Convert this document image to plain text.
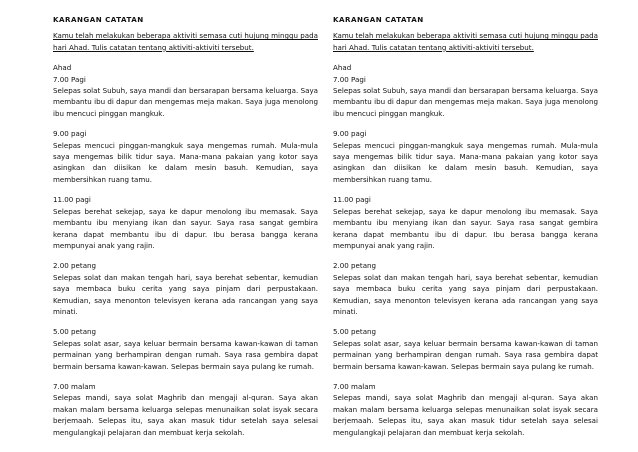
KARANGAN CATATAN
Kamu telah melakukan beberapa aktiviti semasa cuti hujung minggu pada hari Ahad. Tulis catatan tentang aktiviti-aktiviti tersebut.
Ahad
7.00 Pagi
Selepas solat Subuh, saya mandi dan bersarapan bersama keluarga. Saya membantu ibu di dapur dan mengemas meja makan. Saya juga menolong ibu mencuci pinggan mangkuk.
9.00 pagi
Selepas mencuci pinggan-mangkuk saya mengemas rumah. Mula-mula saya mengemas bilik tidur saya. Mana-mana pakaian yang kotor saya asingkan dan diisikan ke dalam mesin basuh. Kemudian, saya membersihkan ruang tamu.
11.00 pagi
Selepas berehat sekejap, saya ke dapur menolong ibu memasak. Saya membantu ibu menyiang ikan dan sayur. Saya rasa sangat gembira kerana dapat membantu ibu di dapur. Ibu berasa bangga kerana mempunyai anak yang rajin.
2.00 petang
Selepas solat dan makan tengah hari, saya berehat sebentar, kemudian saya membaca buku cerita yang saya pinjam dari perpustakaan. Kemudian, saya menonton televisyen kerana ada rancangan yang saya minati.
5.00 petang
Selepas solat asar, saya keluar bermain bersama kawan-kawan di taman permainan yang berhampiran dengan rumah. Saya rasa gembira dapat bermain bersama kawan-kawan. Selepas bermain saya pulang ke rumah.
7.00 malam
Selepas mandi, saya solat Maghrib dan mengaji al-quran. Saya akan makan malam bersama keluarga selepas menunaikan solat isyak secara berjemaah. Selepas itu, saya akan masuk tidur setelah saya selesai mengulangkaji pelajaran dan membuat kerja sekolah.
KARANGAN CATATAN
Kamu telah melakukan beberapa aktiviti semasa cuti hujung minggu pada hari Ahad. Tulis catatan tentang aktiviti-aktiviti tersebut.
Ahad
7.00 Pagi
Selepas solat Subuh, saya mandi dan bersarapan bersama keluarga. Saya membantu ibu di dapur dan mengemas meja makan. Saya juga menolong ibu mencuci pinggan mangkuk.
9.00 pagi
Selepas mencuci pinggan-mangkuk saya mengemas rumah. Mula-mula saya mengemas bilik tidur saya. Mana-mana pakaian yang kotor saya asingkan dan diisikan ke dalam mesin basuh. Kemudian, saya membersihkan ruang tamu.
11.00 pagi
Selepas berehat sekejap, saya ke dapur menolong ibu memasak. Saya membantu ibu menyiang ikan dan sayur. Saya rasa sangat gembira kerana dapat membantu ibu di dapur. Ibu berasa bangga kerana mempunyai anak yang rajin.
2.00 petang
Selepas solat dan makan tengah hari, saya berehat sebentar, kemudian saya membaca buku cerita yang saya pinjam dari perpustakaan. Kemudian, saya menonton televisyen kerana ada rancangan yang saya minati.
5.00 petang
Selepas solat asar, saya keluar bermain bersama kawan-kawan di taman permainan yang berhampiran dengan rumah. Saya rasa gembira dapat bermain bersama kawan-kawan. Selepas bermain saya pulang ke rumah.
7.00 malam
Selepas mandi, saya solat Maghrib dan mengaji al-quran. Saya akan makan malam bersama keluarga selepas menunaikan solat isyak secara berjemaah. Selepas itu, saya akan masuk tidur setelah saya selesai mengulangkaji pelajaran dan membuat kerja sekolah.
